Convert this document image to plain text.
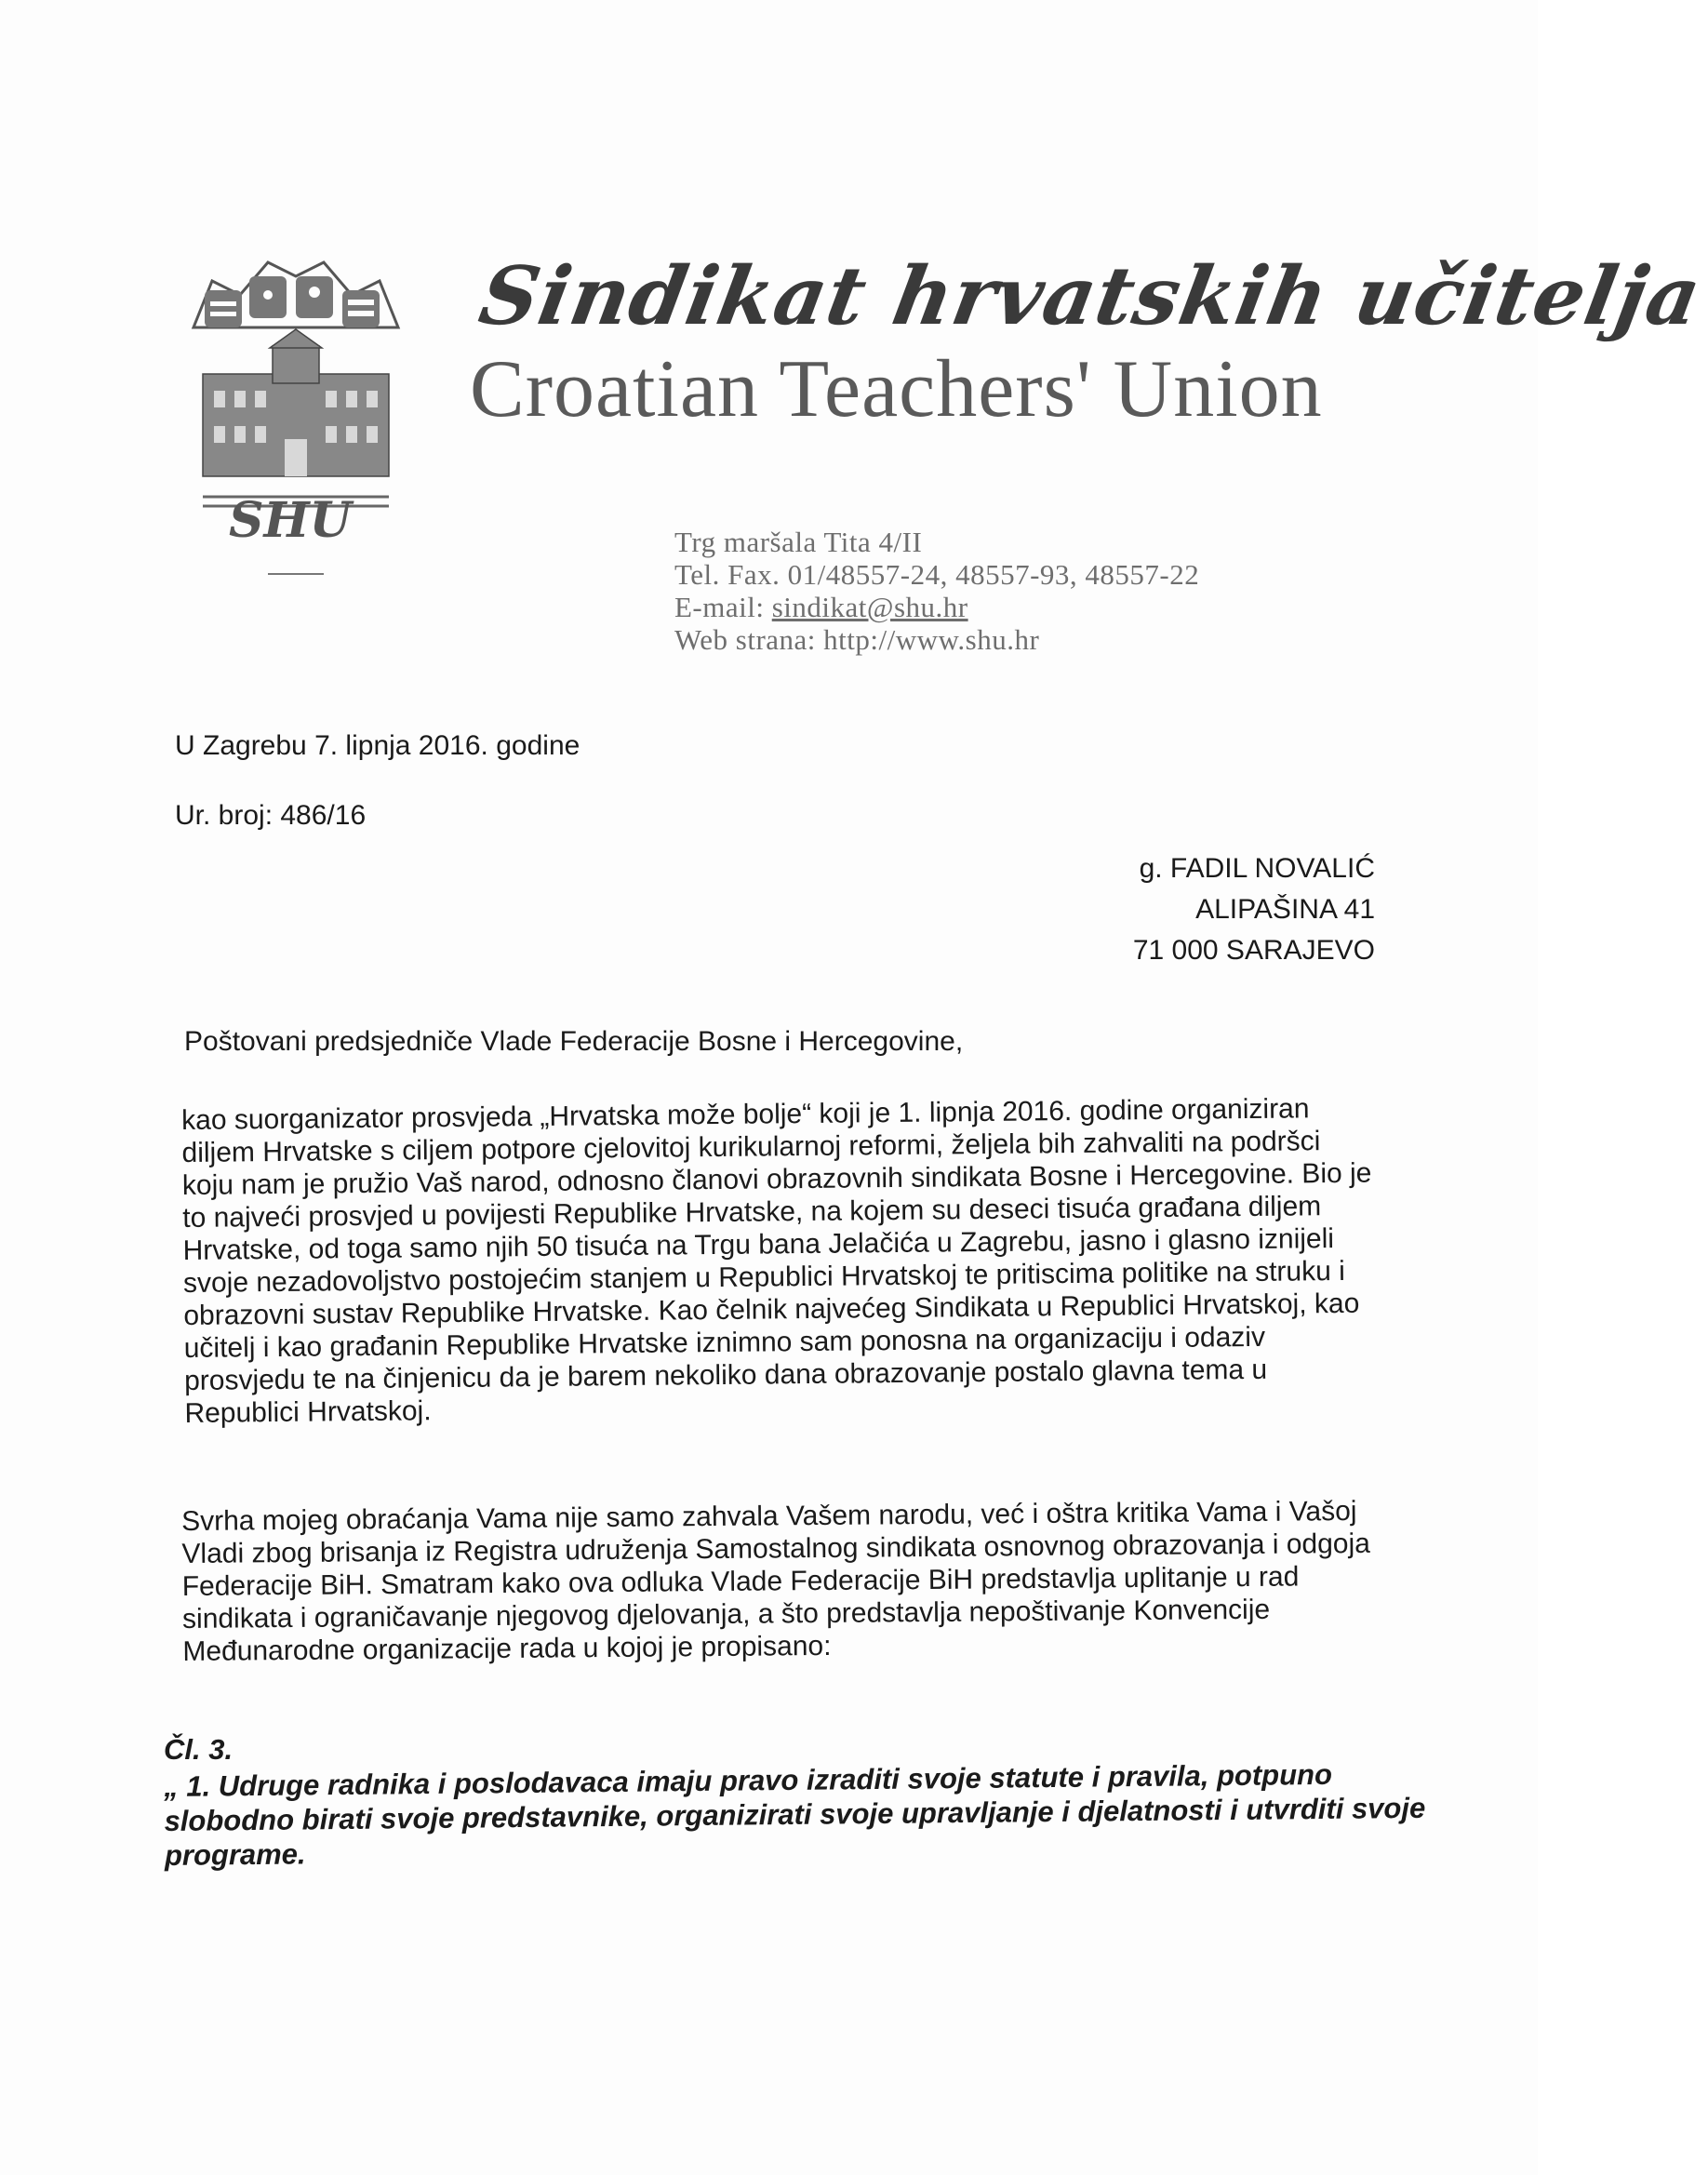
SHU
Sindikat hrvatskih učitelja
Croatian Teachers' Union
Trg maršala Tita 4/II
Tel. Fax. 01/48557-24, 48557-93, 48557-22
E-mail: sindikat@shu.hr
Web strana: http://www.shu.hr
U Zagrebu 7. lipnja 2016. godine
Ur. broj: 486/16
g. FADIL NOVALIĆ
ALIPAŠINA 41
71 000 SARAJEVO
Poštovani predsjedniče Vlade Federacije Bosne i Hercegovine,
kao suorganizator prosvjeda „Hrvatska može bolje“ koji je 1. lipnja 2016. godine organiziran
diljem Hrvatske s ciljem potpore cjelovitoj kurikularnoj reformi, željela bih zahvaliti na podršci
koju nam je pružio Vaš narod, odnosno članovi obrazovnih sindikata Bosne i Hercegovine. Bio je
to najveći prosvjed u povijesti Republike Hrvatske, na kojem su deseci tisuća građana diljem
Hrvatske, od toga samo njih 50 tisuća na Trgu bana Jelačića u Zagrebu, jasno i glasno iznijeli
svoje nezadovoljstvo postojećim stanjem u Republici Hrvatskoj te pritiscima politike na struku i
obrazovni sustav Republike Hrvatske. Kao čelnik najvećeg Sindikata u Republici Hrvatskoj, kao
učitelj i kao građanin Republike Hrvatske iznimno sam ponosna na organizaciju i odaziv
prosvjedu te na činjenicu da je barem nekoliko dana obrazovanje postalo glavna tema u
Republici Hrvatskoj.
Svrha mojeg obraćanja Vama nije samo zahvala Vašem narodu, već i oštra kritika Vama i Vašoj
Vladi zbog brisanja iz Registra udruženja Samostalnog sindikata osnovnog obrazovanja i odgoja
Federacije BiH. Smatram kako ova odluka Vlade Federacije BiH predstavlja uplitanje u rad
sindikata i ograničavanje njegovog djelovanja, a što predstavlja nepoštivanje Konvencije
Međunarodne organizacije rada u kojoj je propisano:
Čl. 3.
„ 1. Udruge radnika i poslodavaca imaju pravo izraditi svoje statute i pravila, potpuno
slobodno birati svoje predstavnike, organizirati svoje upravljanje i djelatnosti i utvrditi svoje
programe.
